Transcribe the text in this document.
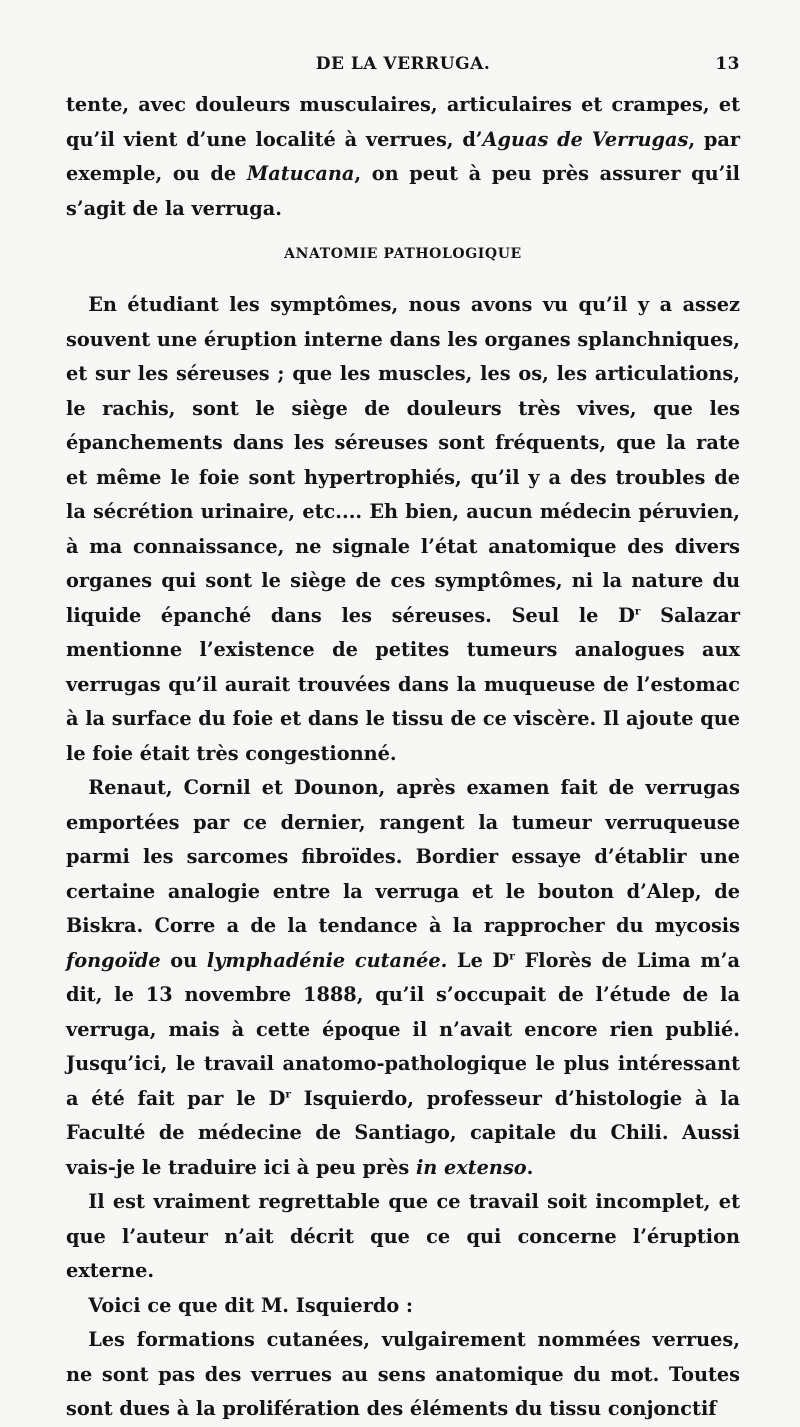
DE LA VERRUGA.	13

tente, avec douleurs musculaires, articulaires et crampes, et qu’il vient d’une localité à verrues, d’Aguas de Verrugas, par exemple, ou de Matucana, on peut à peu près assurer qu’il s’agit de la verruga.

ANATOMIE PATHOLOGIQUE

En étudiant les symptômes, nous avons vu qu’il y a assez souvent une éruption interne dans les organes splanchniques, et sur les séreuses ; que les muscles, les os, les articulations, le rachis, sont le siège de douleurs très vives, que les épanchements dans les séreuses sont fréquents, que la rate et même le foie sont hypertrophiés, qu’il y a des troubles de la sécrétion urinaire, etc.... Eh bien, aucun médecin péruvien, à ma connaissance, ne signale l’état anatomique des divers organes qui sont le siège de ces symptômes, ni la nature du liquide épanché dans les séreuses. Seul le $D^r$ Salazar mentionne l’existence de petites tumeurs analogues aux verrugas qu’il aurait trouvées dans la muqueuse de l’estomac à la surface du foie et dans le tissu de ce viscère. Il ajoute que le foie était très congestionné.

Renaut, Cornil et Dounon, après examen fait de verrugas emportées par ce dernier, rangent la tumeur verruqueuse parmi les sarcomes fibroïdes. Bordier essaye d’établir une certaine analogie entre la verruga et le bouton d’Alep, de Biskra. Corre a de la tendance à la rapprocher du mycosis fongoïde ou lymphadénie cutanée. Le $D^r$ Florès de Lima m’a dit, le 13 novembre 1888, qu’il s’occupait de l’étude de la verruga, mais à cette époque il n’avait encore rien publié. Jusqu’ici, le travail anatomo-pathologique le plus intéressant a été fait par le $D^r$ Isquierdo, professeur d’histologie à la Faculté de médecine de Santiago, capitale du Chili. Aussi vais-je le traduire ici à peu près in extenso.

Il est vraiment regrettable que ce travail soit incomplet, et que l’auteur n’ait décrit que ce qui concerne l’éruption externe.

Voici ce que dit M. Isquierdo :

Les formations cutanées, vulgairement nommées verrues, ne sont pas des verrues au sens anatomique du mot. Toutes sont dues à la prolifération des éléments du tissu conjonctif
